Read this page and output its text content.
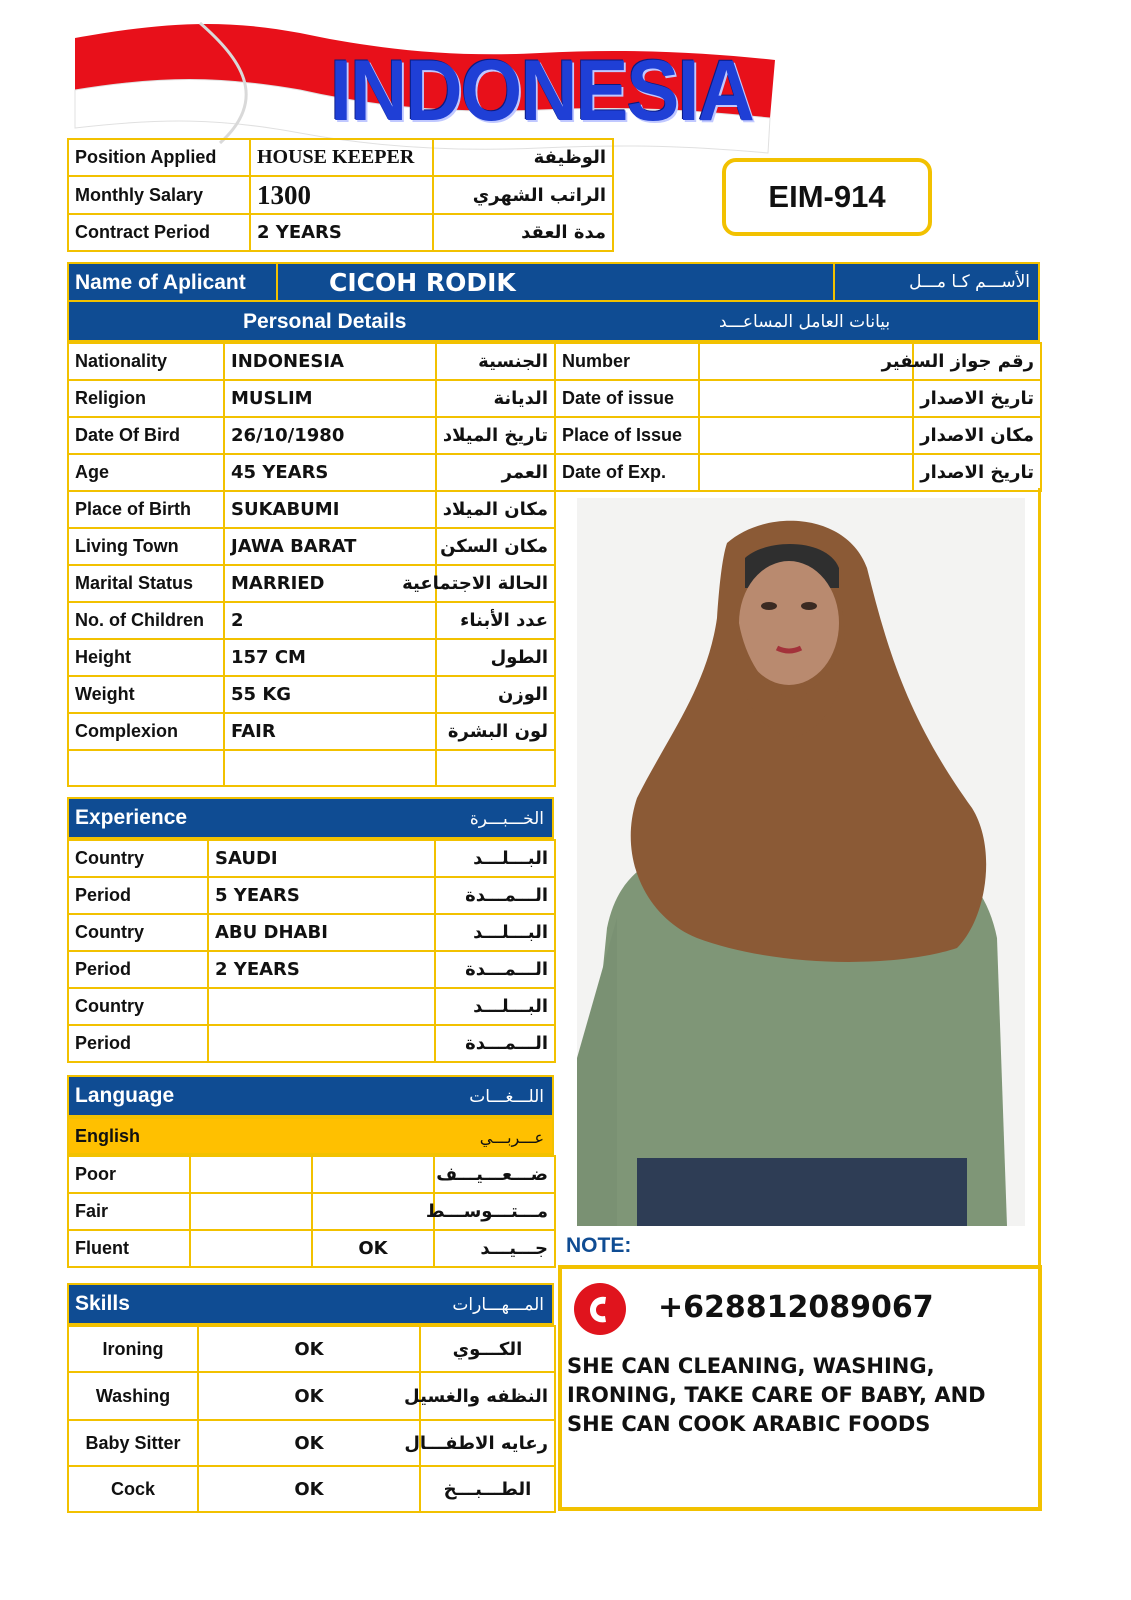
INDONESIA
Position Applied	HOUSE KEEPER	الوظيفة
Monthly Salary	1300	الراتب الشهري
Contract Period	2 YEARS	مدة العقد
EIM-914
Name of Aplicant	CICOH RODIK	الأســـم كـا مـــل
Personal Details	بيانات العامل المساعـــد
Nationality	INDONESIA	الجنسية
Religion	MUSLIM	الديانة
Date Of Bird	26/10/1980	تاريخ الميلاد
Age	45 YEARS	العمر
Place of Birth	SUKABUMI	مكان الميلاد
Living Town	JAWA BARAT	مكان السكن
Marital Status	MARRIED	الحالة الاجتماعية
No. of Children	2	عدد الأبناء
Height	157 CM	الطول
Weight	55 KG	الوزن
Complexion	FAIR	لون البشرة

Number		رقم جواز السفير
Date of issue		تاريخ الاصدار
Place of Issue		مكان الاصدار
Date of Exp.		تاريخ الاصدار
Experience	الخـــبـــرة
Country	SAUDI	البـــلـــد
Period	5 YEARS	الـــمـــدة
Country	ABU DHABI	البـــلـــد
Period	2 YEARS	الـــمـــدة
Country		البـــلـــد
Period		الـــمـــدة
Language	اللـــغـــات
English	عـــربـــي
Poor			ضـــعـــيـــف
Fair			مـــتـــوســـط
Fluent		OK	جـــيـــد
Skills	المـــهـــارات
Ironing	OK	الكـــوي
Washing	OK	النظفه والغسيل
Baby Sitter	OK	رعايه الاطفـــال
Cock	OK	الطـــبـــخ
NOTE:
+628812089067
SHE CAN CLEANING, WASHING, IRONING, TAKE CARE OF BABY, AND SHE CAN COOK ARABIC FOODS
